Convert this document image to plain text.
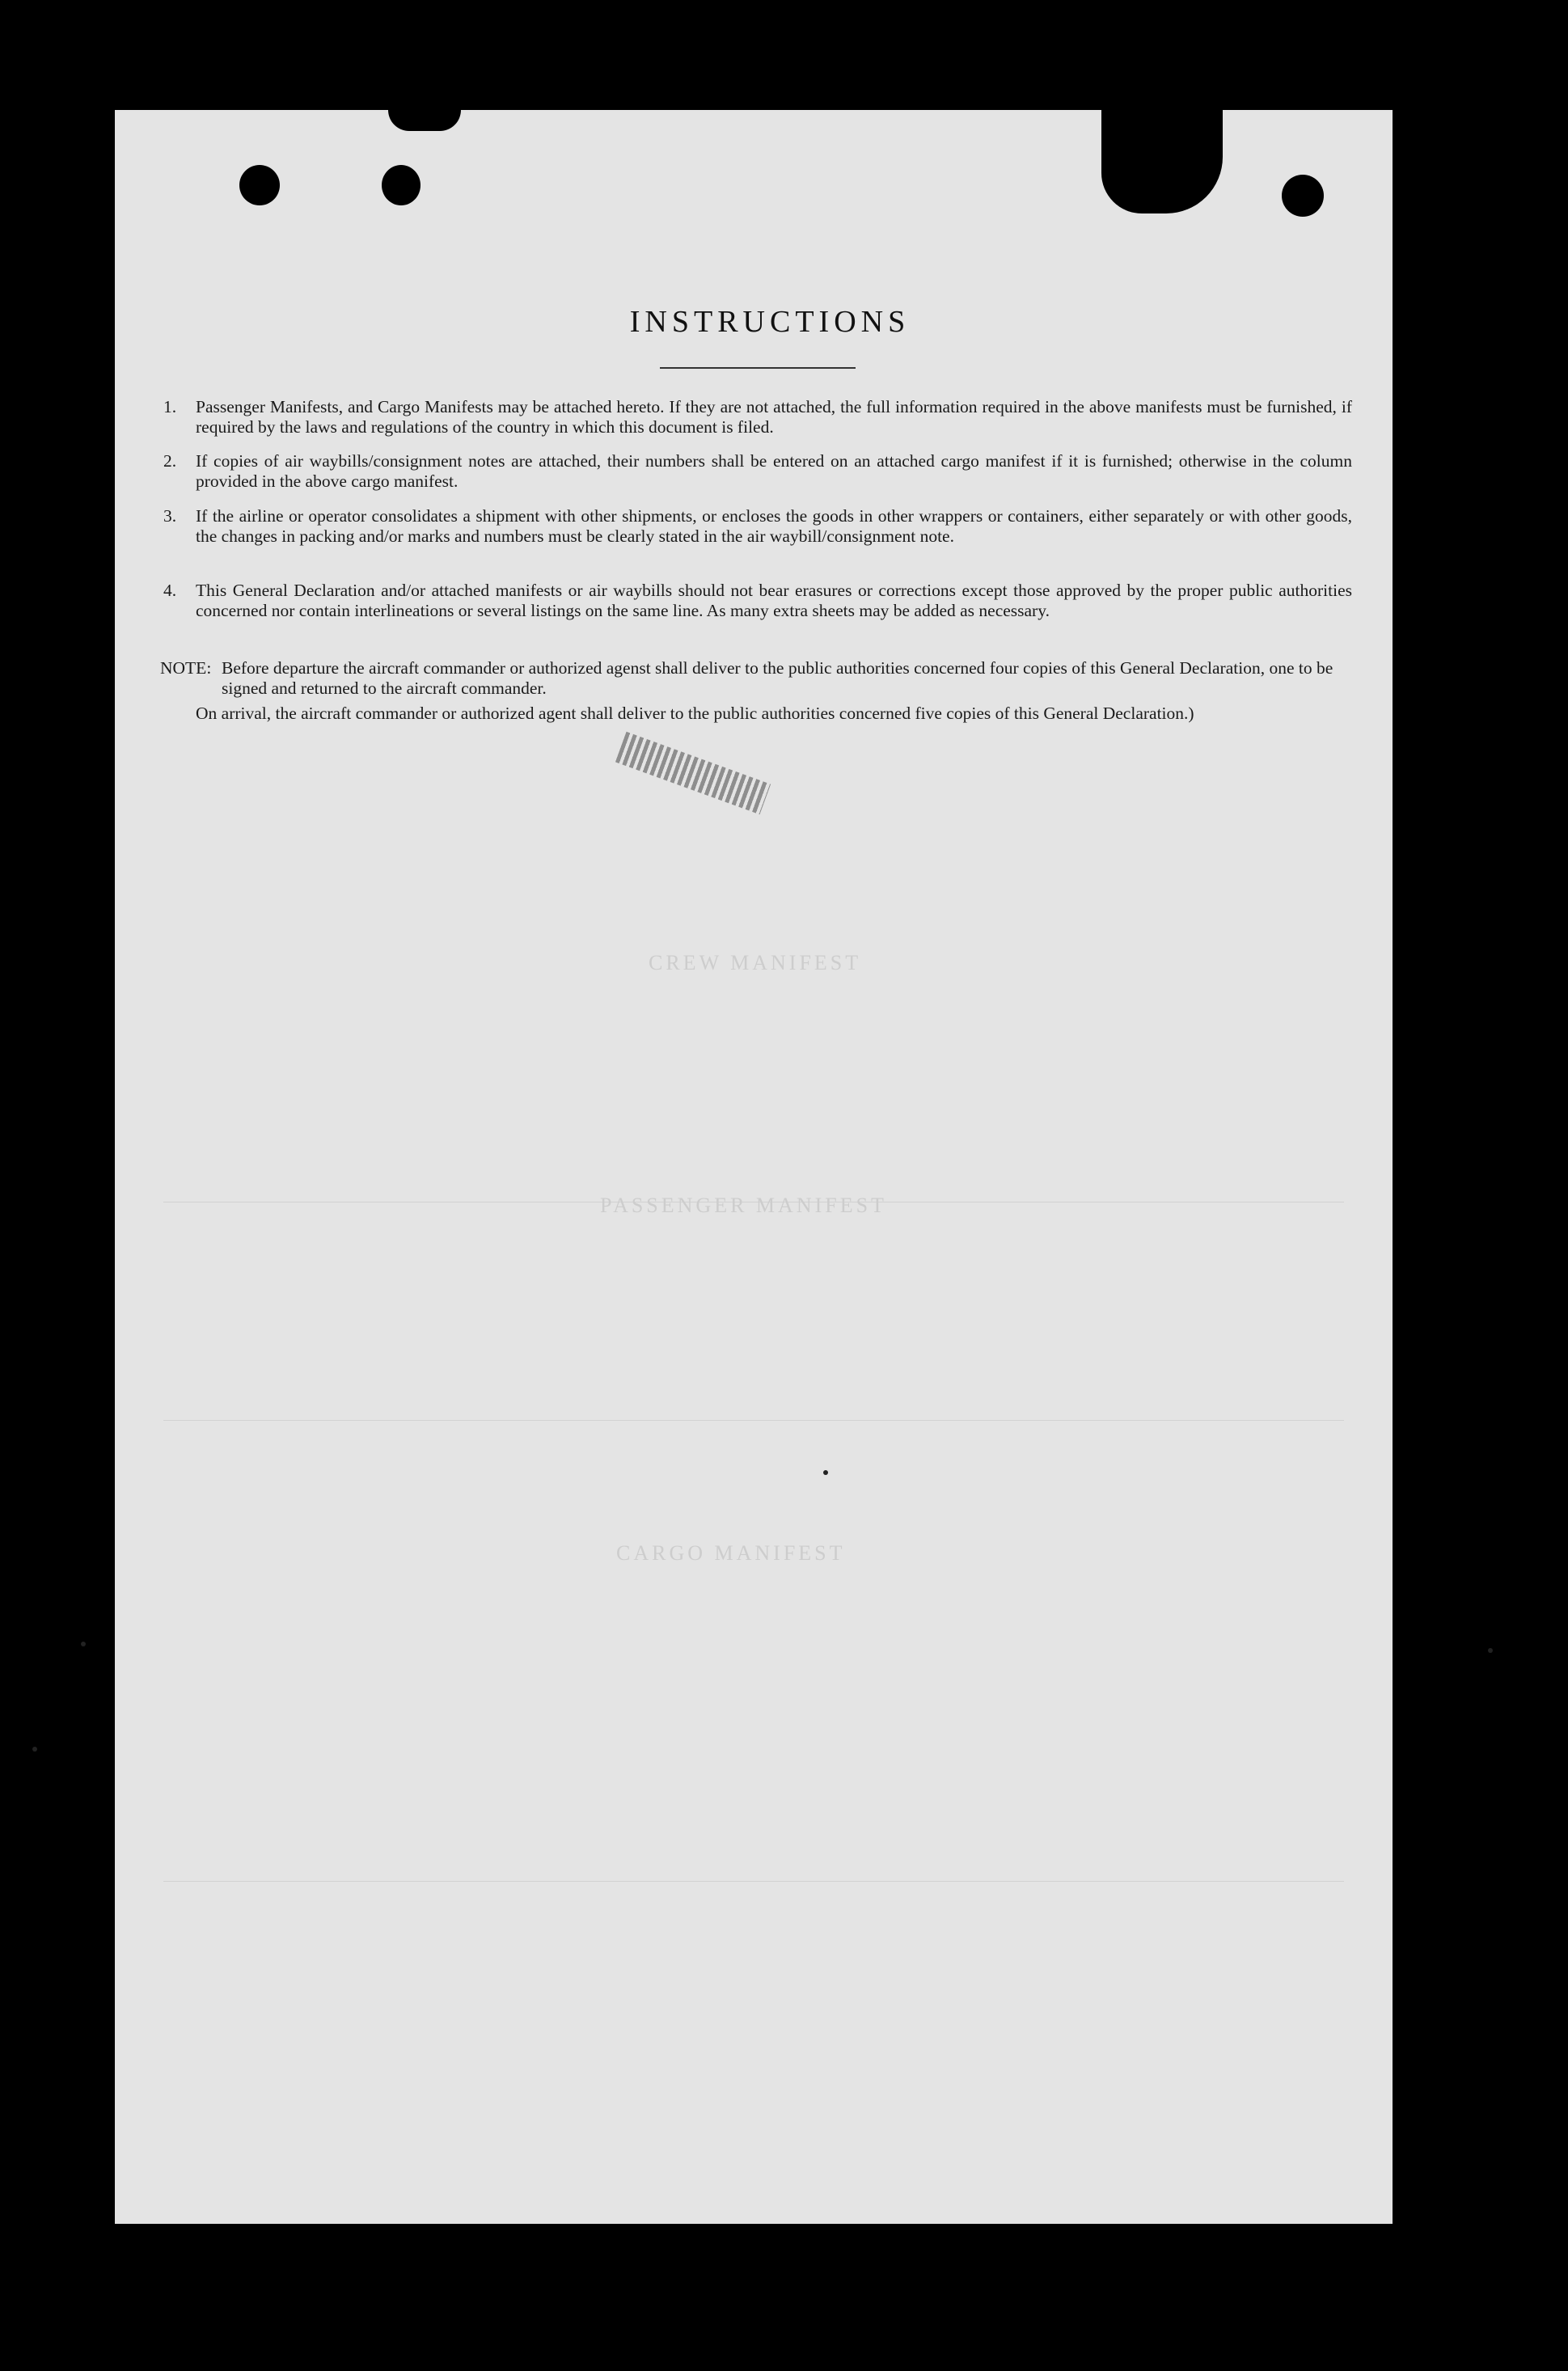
CREW MANIFEST
PASSENGER MANIFEST
CARGO MANIFEST
INSTRUCTIONS
1.	Passenger Manifests, and Cargo Manifests may be attached hereto. If they are not attached, the full information required in the above manifests must be furnished, if required by the laws and regulations of the country in which this document is filed.
2.	If copies of air waybills/consignment notes are attached, their numbers shall be entered on an attached cargo manifest if it is furnished; otherwise in the column provided in the above cargo manifest.
3.	If the airline or operator consolidates a shipment with other shipments, or encloses the goods in other wrappers or containers, either separately or with other goods, the changes in packing and/or marks and numbers must be clearly stated in the air waybill/consignment note.
4.	This General Declaration and/or attached manifests or air waybills should not bear erasures or corrections except those approved by the proper public authorities concerned nor contain interlineations or several listings on the same line. As many extra sheets may be added as necessary.
NOTE: Before departure the aircraft commander or authorized agenst shall deliver to the public authorities concerned four copies of this General Declaration, one to be signed and returned to the aircraft commander.
On arrival, the aircraft commander or authorized agent shall deliver to the public authorities concerned five copies of this General Declaration.)
